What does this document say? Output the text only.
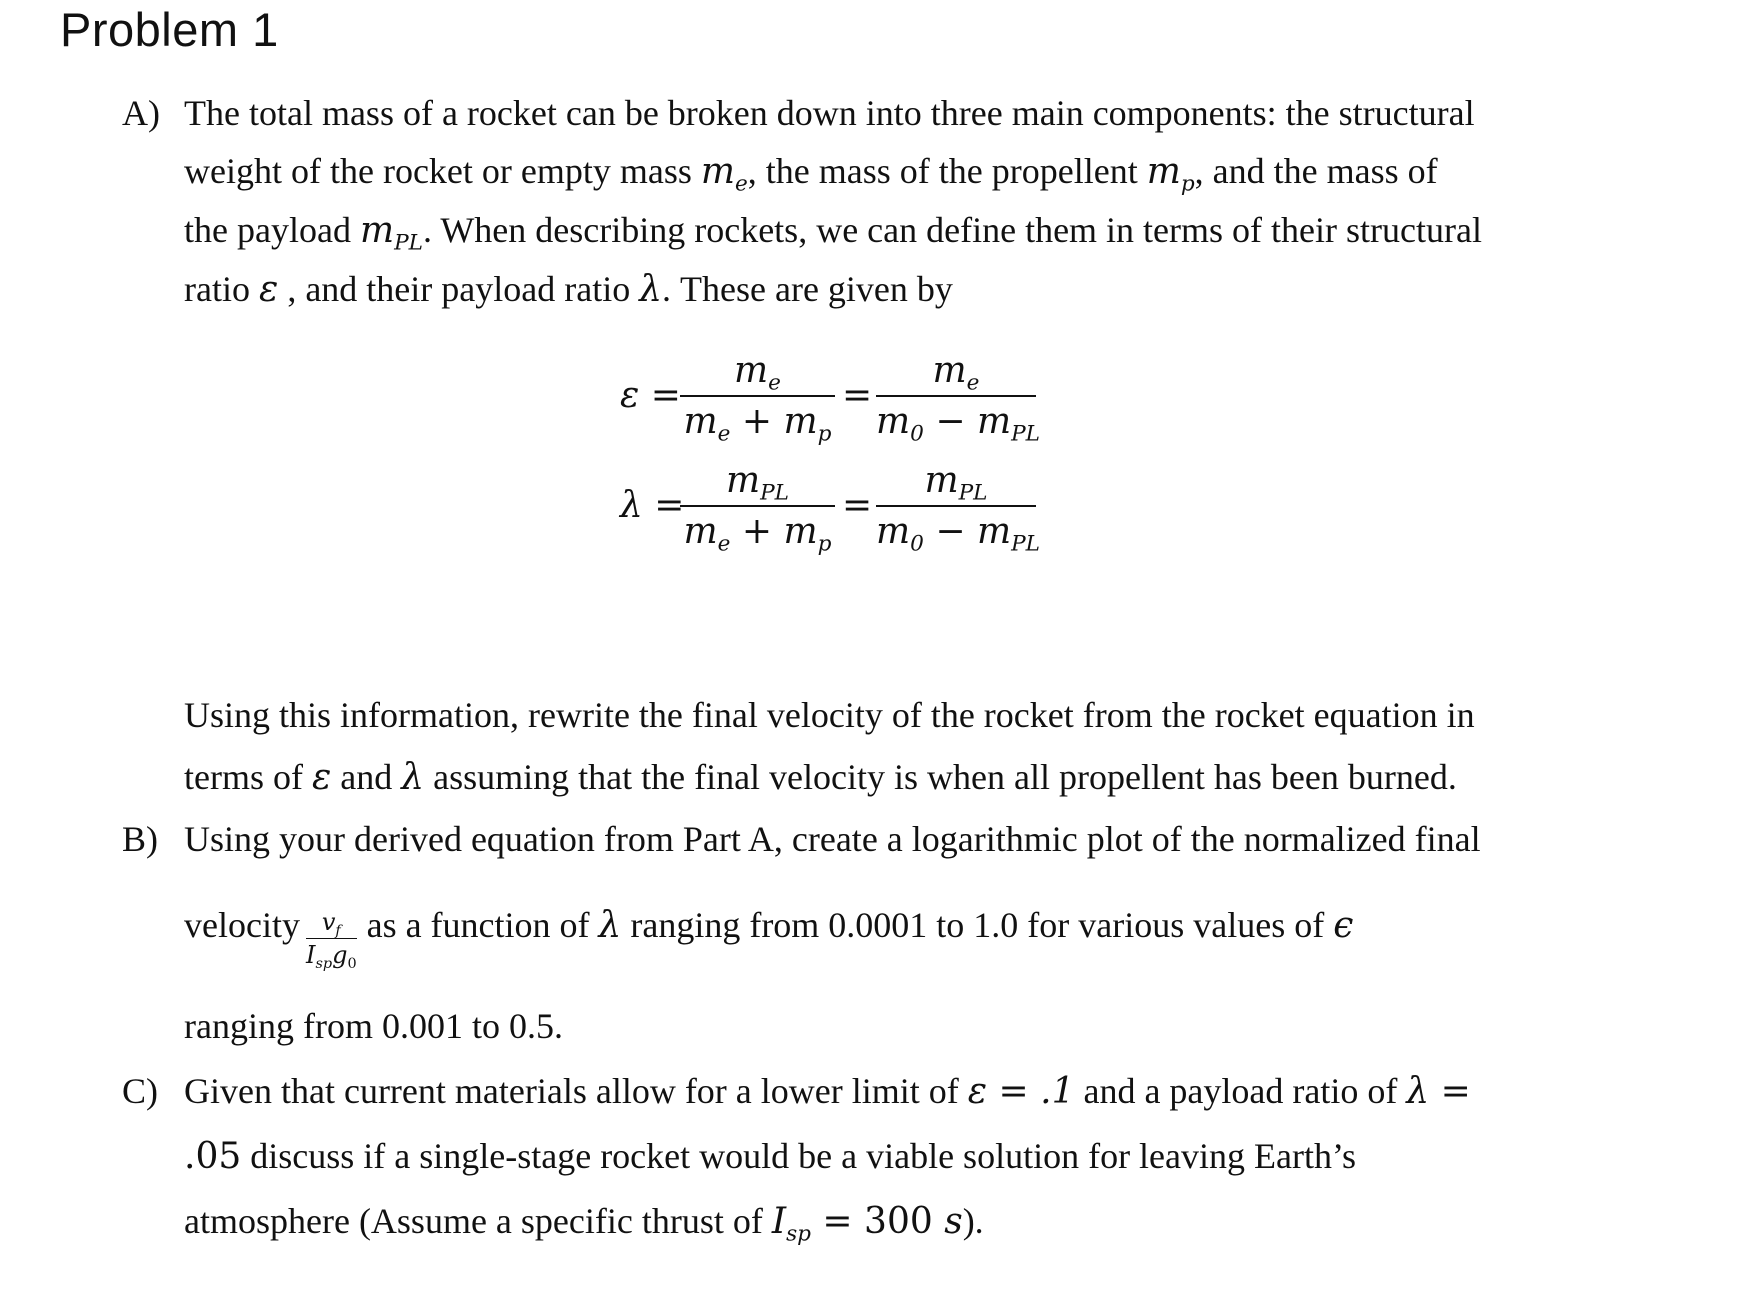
Problem 1
A) The total mass of a rocket can be broken down into three main components: the structural
weight of the rocket or empty mass $m_e$, the mass of the propellent $m_p$, and the mass of
the payload $m_{PL}$. When describing rockets, we can define them in terms of their structural
ratio ε , and their payload ratio λ. These are given by
ε =
$m_e$
$m_e + m_p$
=
$m_e$
$m_0 - m_{PL}$
λ =
$m_{PL}$
$m_e + m_p$
=
$m_{PL}$
$m_0 - m_{PL}$
Using this information, rewrite the final velocity of the rocket from the rocket equation in
terms of ε and λ assuming that the final velocity is when all propellent has been burned.
B) Using your derived equation from Part A, create a logarithmic plot of the normalized final
velocity $v_f$
$I_{sp}g_0$
as a function of λ ranging from 0.0001 to 1.0 for various values of ϵ
ranging from 0.001 to 0.5.
C) Given that current materials allow for a lower limit of ε = .1 and a payload ratio of λ =
.05 discuss if a single-stage rocket would be a viable solution for leaving Earth’s
atmosphere (Assume a specific thrust of $I_{sp} = 300$ s).
